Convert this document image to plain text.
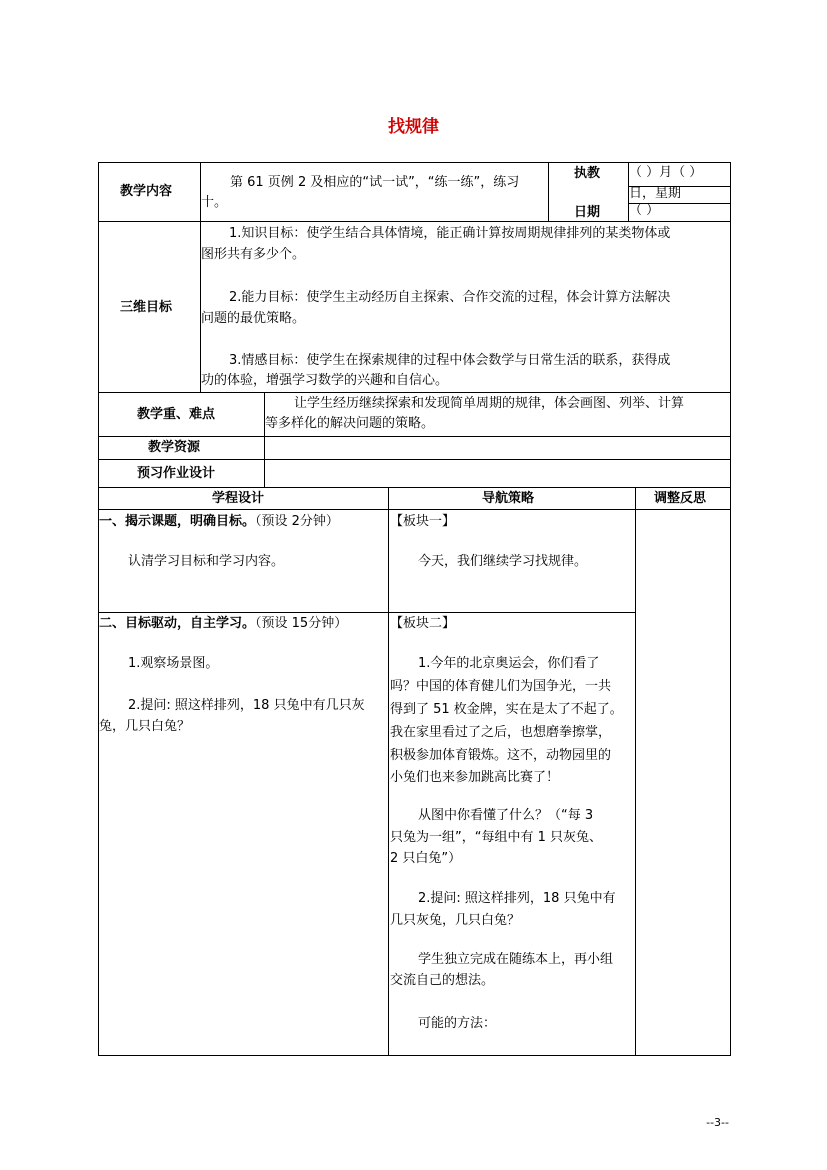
找规律
教学内容
第 61 页例 2 及相应的“试一试”，“练一练”，练习
十。
执教
日期
（ ）月（ ）
日，星期
（ ）
三维目标
1.知识目标：使学生结合具体情境，能正确计算按周期规律排列的某类物体或
图形共有多少个。
2.能力目标：使学生主动经历自主探索、合作交流的过程，体会计算方法解决
问题的最优策略。
3.情感目标：使学生在探索规律的过程中体会数学与日常生活的联系，获得成
功的体验，增强学习数学的兴趣和自信心。
教学重、难点
让学生经历继续探索和发现简单周期的规律，体会画图、列举、计算
等多样化的解决问题的策略。
教学资源
预习作业设计
学程设计	导航策略	调整反思
一、揭示课题，明确目标。（预设 2分钟）
认清学习目标和学习内容。
【板块一】
今天，我们继续学习找规律。
二、目标驱动，自主学习。（预设 15分钟）
1.观察场景图。
2.提问: 照这样排列，18 只兔中有几只灰
兔，几只白兔？
【板块二】
1.今年的北京奥运会，你们看了
吗？中国的体育健儿们为国争光，一共
得到了 51 枚金牌，实在是太了不起了。
我在家里看过了之后，也想磨拳擦掌，
积极参加体育锻炼。这不，动物园里的
小兔们也来参加跳高比赛了！
从图中你看懂了什么？（“每 3
只兔为一组”，“每组中有 1 只灰兔、
2 只白兔”）
2.提问: 照这样排列，18 只兔中有
几只灰兔，几只白兔？
学生独立完成在随练本上，再小组
交流自己的想法。
可能的方法：
--3--
